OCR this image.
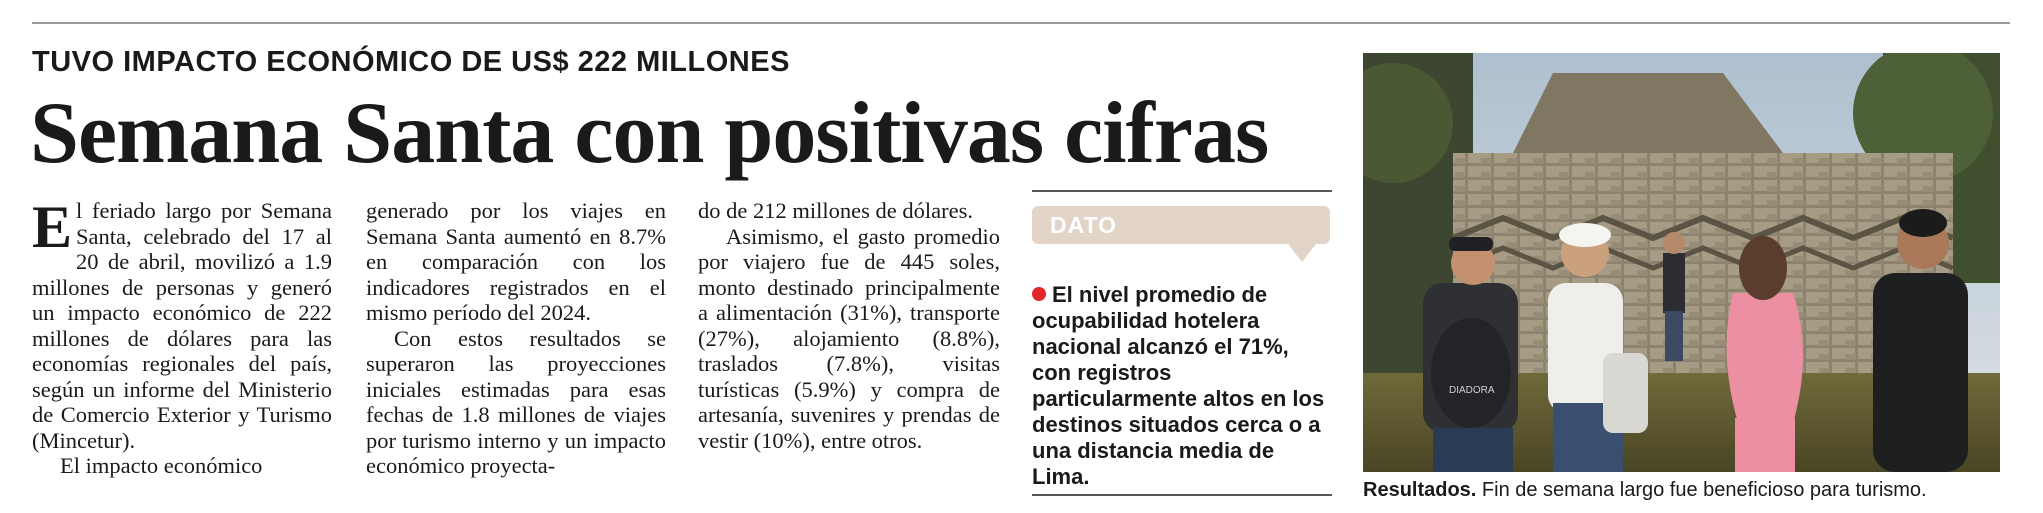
TUVO IMPACTO ECONÓMICO DE US$ 222 MILLONES
Semana Santa con positivas cifras

El feriado largo por Semana Santa, celebrado del 17 al 20 de abril, movilizó a 1.9 millones de personas y generó un impacto económico de 222 millones de dólares para las economías regionales del país, según un informe del Ministerio de Comercio Exterior y Turismo (Mincetur).

El impacto económico

generado por los viajes en Semana Santa aumentó en 8.7% en comparación con los indicadores registrados en el mismo período del 2024.

Con estos resultados se superaron las proyecciones iniciales estimadas para esas fechas de 1.8 millones de viajes por turismo interno y un impacto económico proyecta-

do de 212 millones de dólares.

Asimismo, el gasto promedio por viajero fue de 445 soles, monto destinado principalmente a alimentación (31%), transporte (27%), alojamiento (8.8%), traslados (7.8%), visitas turísticas (5.9%) y compra de artesanía, suvenires y prendas de vestir (10%), entre otros.

DATO
El nivel promedio de ocupabilidad hotelera nacional alcanzó el 71%, con registros particularmente altos en los destinos situados cerca o a una distancia media de Lima.
DIADORA
Resultados. Fin de semana largo fue beneficioso para turismo.
